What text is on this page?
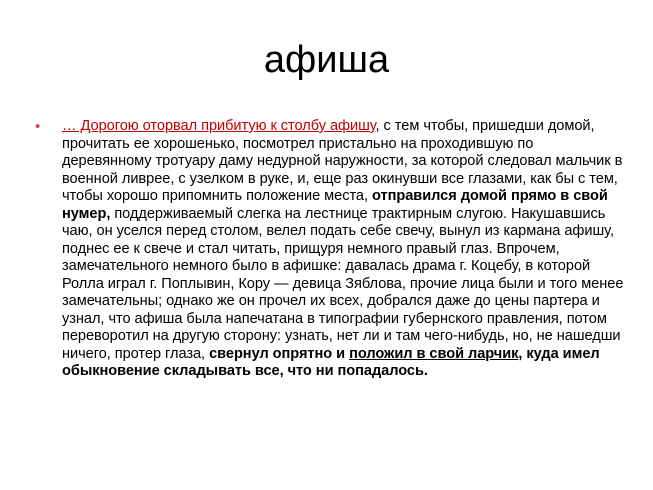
афиша
• … Дорогою оторвал прибитую к столбу афишу, с тем чтобы, пришедши домой, прочитать ее хорошенько, посмотрел пристально на проходившую по деревянному тротуару даму недурной наружности, за которой следовал мальчик в военной ливрее, с узелком в руке, и, еще раз окинувши все глазами, как бы с тем, чтобы хорошо припомнить положение места, отправился домой прямо в свой нумер, поддерживаемый слегка на лестнице трактирным слугою. Накушавшись чаю, он уселся перед столом, велел подать себе свечу, вынул из кармана афишу, поднес ее к свече и стал читать, прищуря немного правый глаз. Впрочем, замечательного немного было в афишке: давалась драма г. Коцебу, в которой Ролла играл г. Поплывин, Кору — девица Зяблова, прочие лица были и того менее замечательны; однако же он прочел их всех, добрался даже до цены партера и узнал, что афиша была напечатана в типографии губернского правления, потом переворотил на другую сторону: узнать, нет ли и там чего-нибудь, но, не нашедши ничего, протер глаза, свернул опрятно и положил в свой ларчик, куда имел обыкновение складывать все, что ни попадалось.
